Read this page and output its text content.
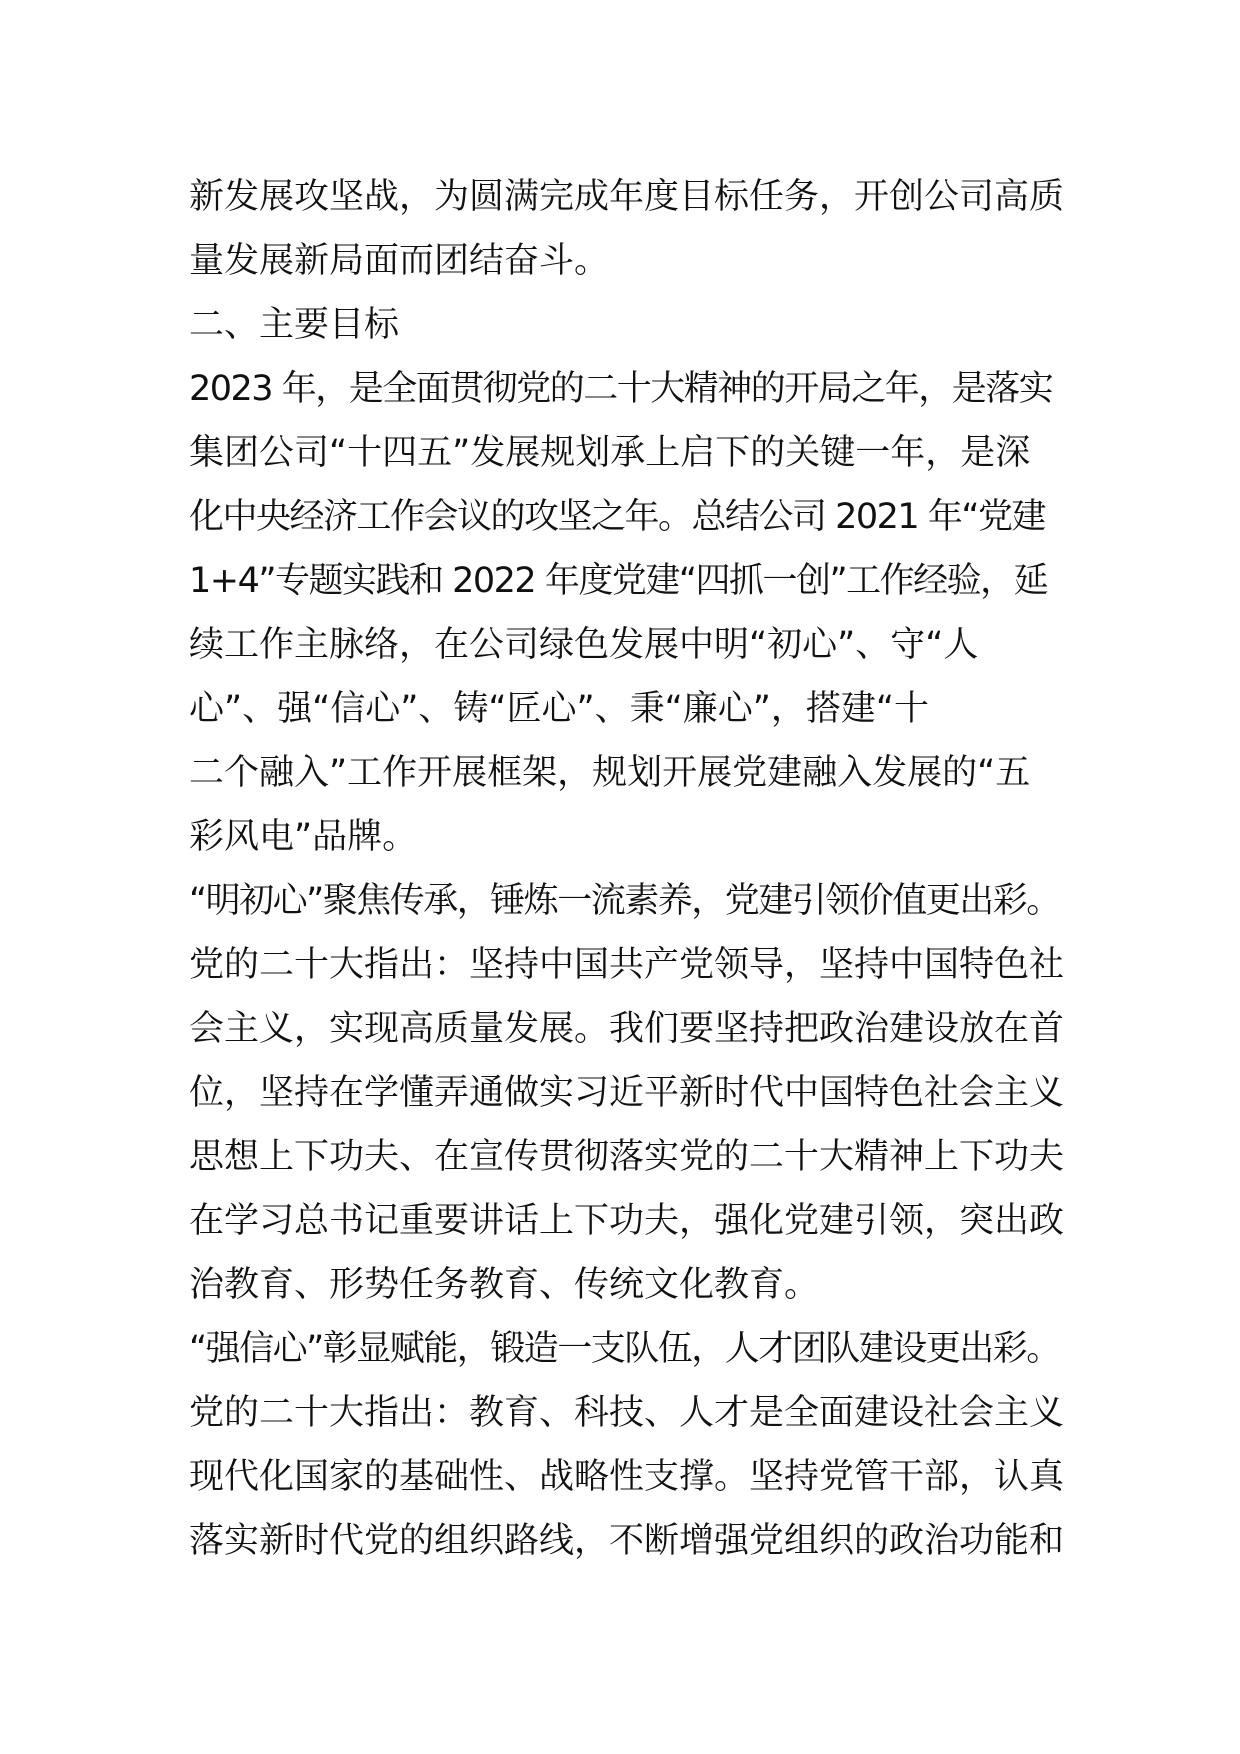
新发展攻坚战，为圆满完成年度目标任务，开创公司高质
量发展新局面而团结奋斗。
二、主要目标
2023 年，是全面贯彻党的二十大精神的开局之年，是落实
集团公司“十四五”发展规划承上启下的关键一年，是深
化中央经济工作会议的攻坚之年。总结公司 2021 年“党建
1+4”专题实践和 2022 年度党建“四抓一创”工作经验，延
续工作主脉络，在公司绿色发展中明“初心”、守“人
心”、强“信心”、铸“匠心”、秉“廉心”，搭建“十
二个融入”工作开展框架，规划开展党建融入发展的“五
彩风电”品牌。
“明初心”聚焦传承，锤炼一流素养，党建引领价值更出彩。
党的二十大指出：坚持中国共产党领导，坚持中国特色社
会主义，实现高质量发展。我们要坚持把政治建设放在首
位，坚持在学懂弄通做实习近平新时代中国特色社会主义
思想上下功夫、在宣传贯彻落实党的二十大精神上下功夫
在学习总书记重要讲话上下功夫，强化党建引领，突出政
治教育、形势任务教育、传统文化教育。
“强信心”彰显赋能，锻造一支队伍，人才团队建设更出彩。
党的二十大指出：教育、科技、人才是全面建设社会主义
现代化国家的基础性、战略性支撑。坚持党管干部，认真
落实新时代党的组织路线，不断增强党组织的政治功能和
